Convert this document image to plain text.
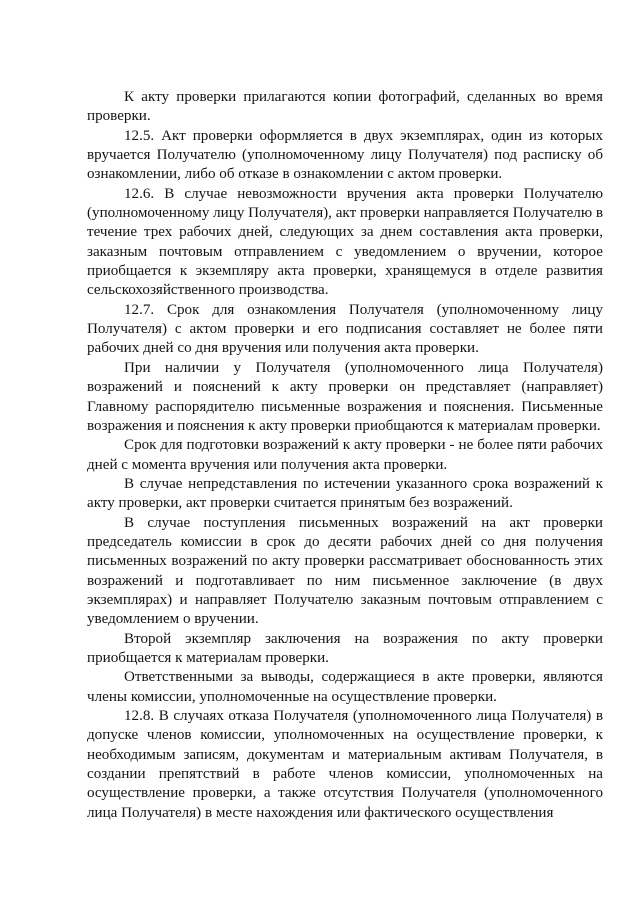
К акту проверки прилагаются копии фотографий, сделанных во время проверки.

12.5. Акт проверки оформляется в двух экземплярах, один из которых вручается Получателю (уполномоченному лицу Получателя) под расписку об ознакомлении, либо об отказе в ознакомлении с актом проверки.

12.6. В случае невозможности вручения акта проверки Получателю (уполномоченному лицу Получателя), акт проверки направляется Получателю в течение трех рабочих дней, следующих за днем составления акта проверки, заказным почтовым отправлением с уведомлением о вручении, которое приобщается к экземпляру акта проверки, хранящемуся в отделе развития сельскохозяйственного производства.

12.7. Срок для ознакомления Получателя (уполномоченному лицу Получателя) с актом проверки и его подписания составляет не более пяти рабочих дней со дня вручения или получения акта проверки.

При наличии у Получателя (уполномоченного лица Получателя) возражений и пояснений к акту проверки он представляет (направляет) Главному распорядителю письменные возражения и пояснения. Письменные возражения и пояснения к акту проверки приобщаются к материалам проверки.

Срок для подготовки возражений к акту проверки - не более пяти рабочих дней с момента вручения или получения акта проверки.

В случае непредставления по истечении указанного срока возражений к акту проверки, акт проверки считается принятым без возражений.

В случае поступления письменных возражений на акт проверки председатель комиссии в срок до десяти рабочих дней со дня получения письменных возражений по акту проверки рассматривает обоснованность этих возражений и подготавливает по ним письменное заключение (в двух экземплярах) и направляет Получателю заказным почтовым отправлением с уведомлением о вручении.

Второй экземпляр заключения на возражения по акту проверки приобщается к материалам проверки.

Ответственными за выводы, содержащиеся в акте проверки, являются члены комиссии, уполномоченные на осуществление проверки.

12.8. В случаях отказа Получателя (уполномоченного лица Получателя) в допуске членов комиссии, уполномоченных на осуществление проверки, к необходимым записям, документам и материальным активам Получателя, в создании препятствий в работе членов комиссии, уполномоченных на осуществление проверки, а также отсутствия Получателя (уполномоченного лица Получателя) в месте нахождения или фактического осуществления
